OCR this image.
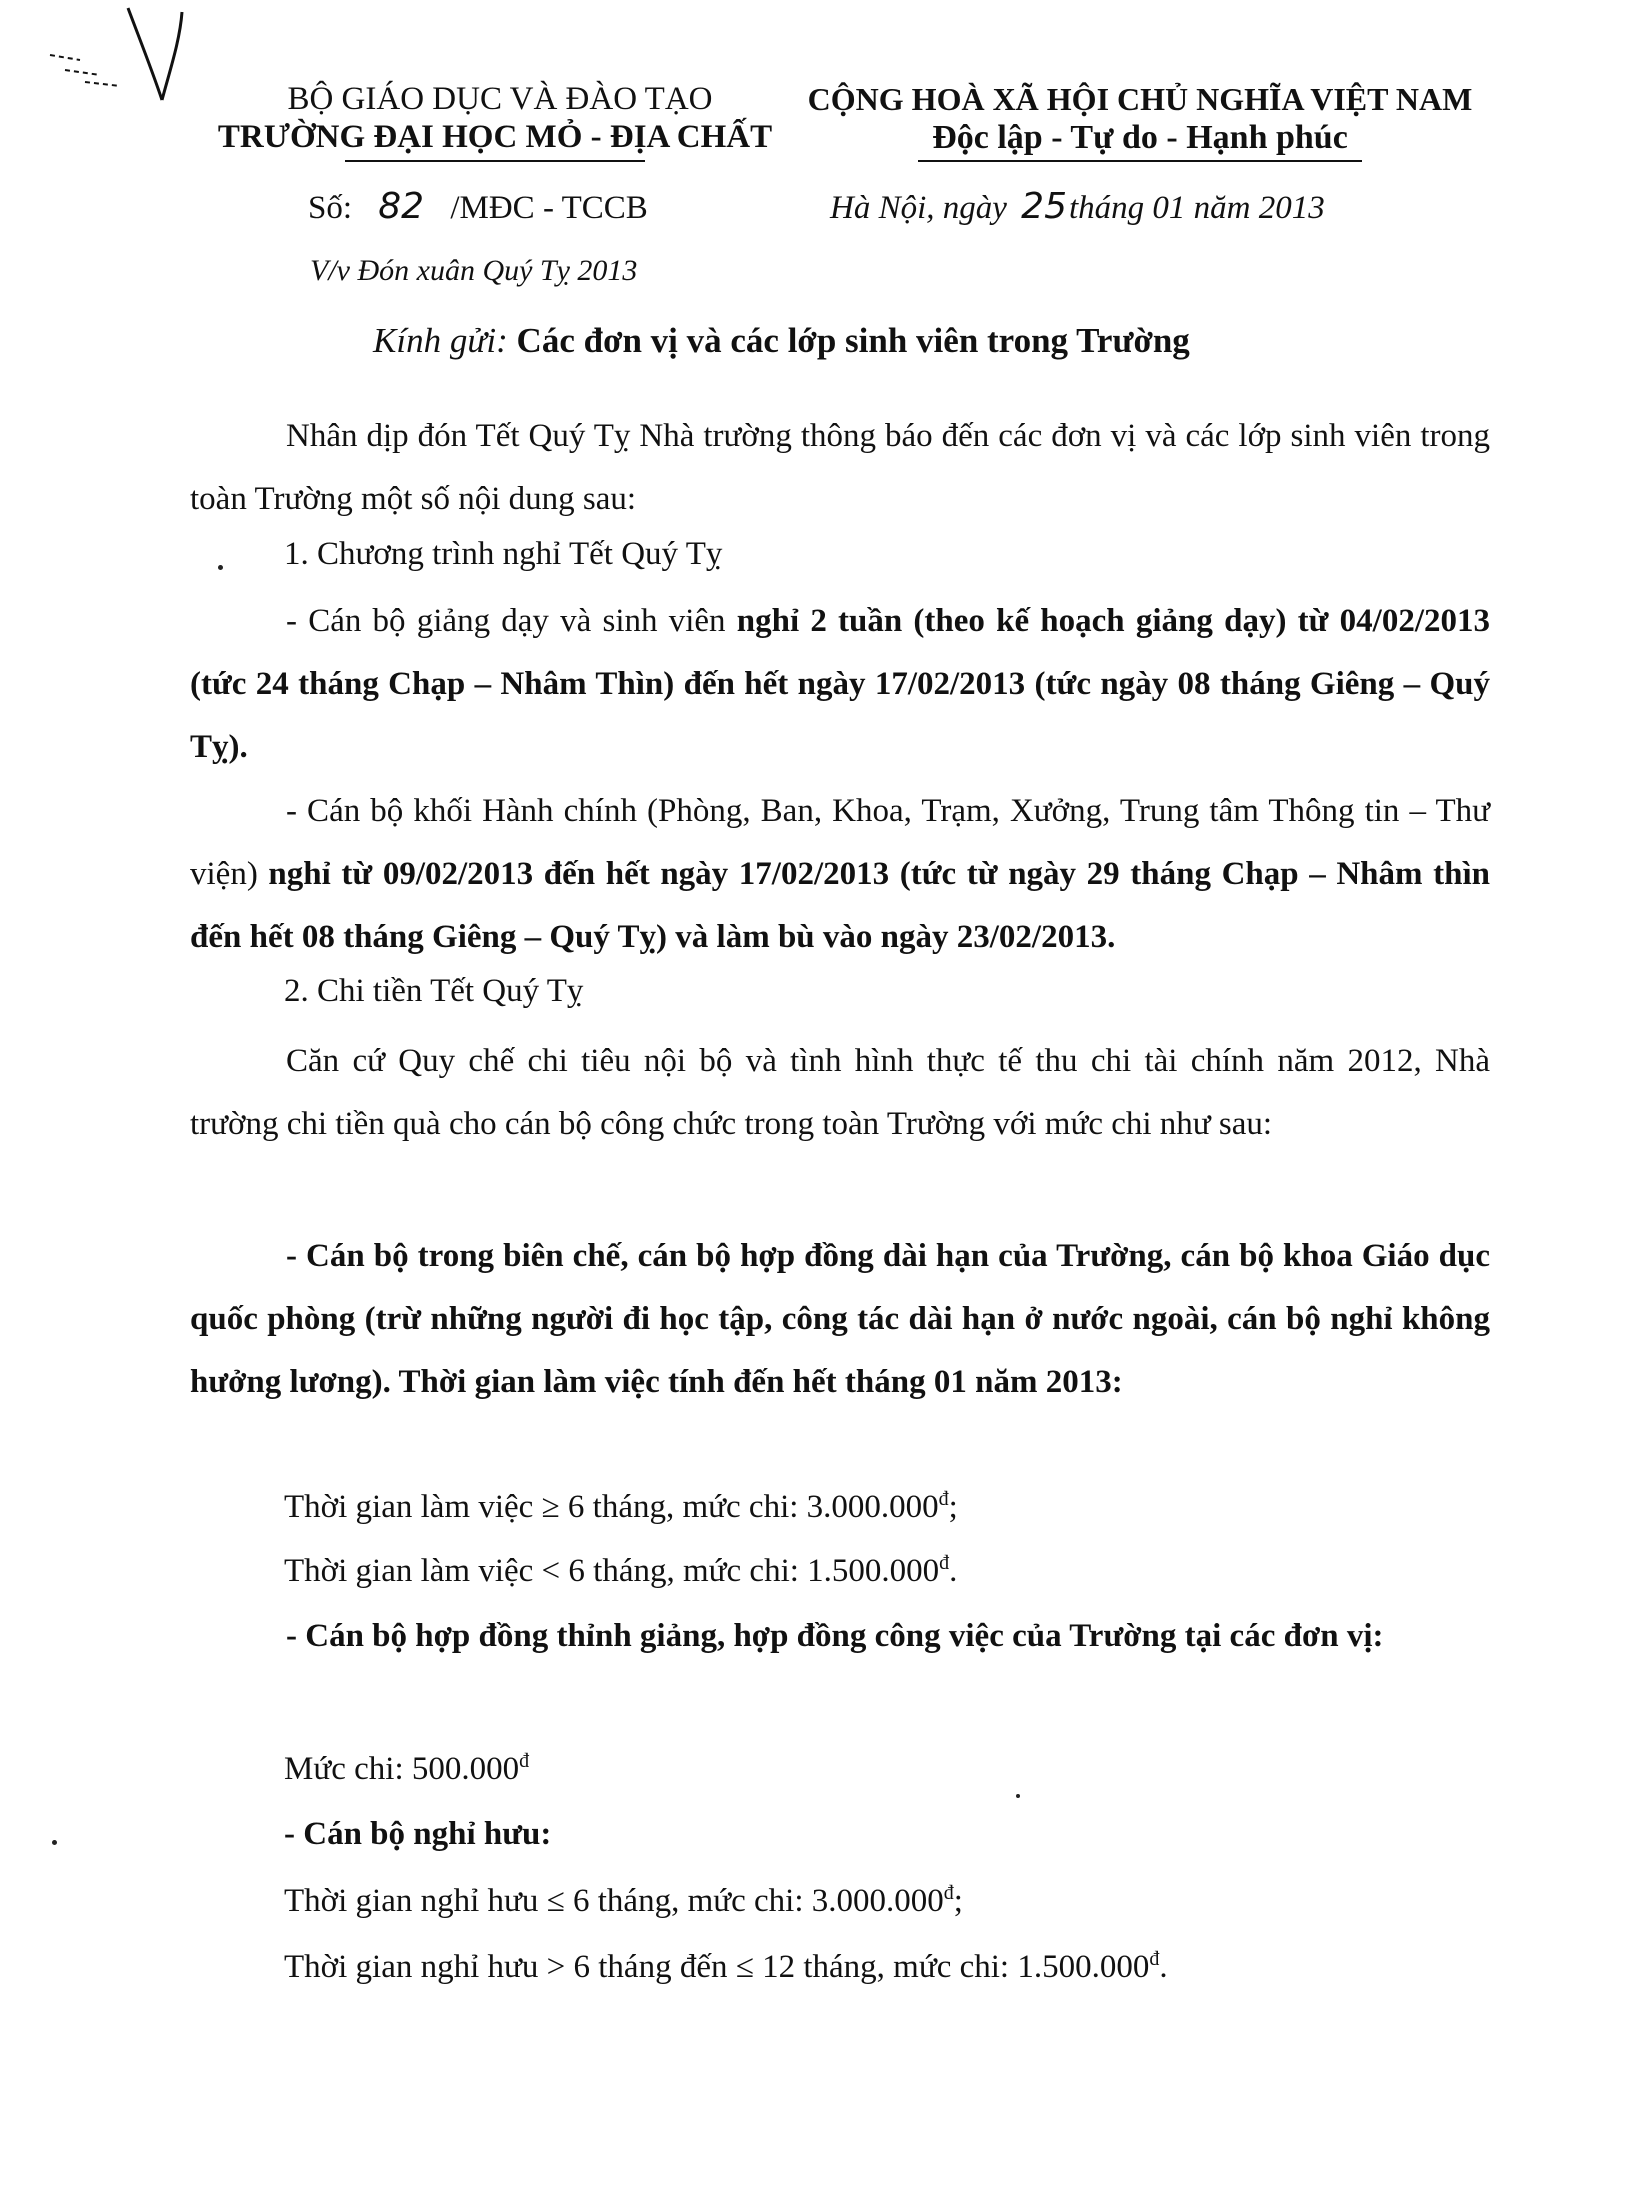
BỘ GIÁO DỤC VÀ ĐÀO TẠO
TRƯỜNG ĐẠI HỌC MỎ - ĐỊA CHẤT
Số: 82 /MĐC - TCCB
V/v Đón xuân Quý Tỵ 2013
CỘNG HOÀ XÃ HỘI CHỦ NGHĨA VIỆT NAM
Độc lập - Tự do - Hạnh phúc
Hà Nội, ngày 25tháng 01 năm 2013
Kính gửi: Các đơn vị và các lớp sinh viên trong Trường
Nhân dịp đón Tết Quý Tỵ Nhà trường thông báo đến các đơn vị và các lớp sinh viên trong toàn Trường một số nội dung sau:
1. Chương trình nghỉ Tết Quý Tỵ
- Cán bộ giảng dạy và sinh viên nghỉ 2 tuần (theo kế hoạch giảng dạy) từ 04/02/2013 (tức 24 tháng Chạp – Nhâm Thìn) đến hết ngày 17/02/2013 (tức ngày 08 tháng Giêng – Quý Tỵ).
- Cán bộ khối Hành chính (Phòng, Ban, Khoa, Trạm, Xưởng, Trung tâm Thông tin – Thư viện) nghỉ từ 09/02/2013 đến hết ngày 17/02/2013 (tức từ ngày 29 tháng Chạp – Nhâm thìn đến hết 08 tháng Giêng – Quý Tỵ) và làm bù vào ngày 23/02/2013.
2. Chi tiền Tết Quý Tỵ
Căn cứ Quy chế chi tiêu nội bộ và tình hình thực tế thu chi tài chính năm 2012, Nhà trường chi tiền quà cho cán bộ công chức trong toàn Trường với mức chi như sau:
- Cán bộ trong biên chế, cán bộ hợp đồng dài hạn của Trường, cán bộ khoa Giáo dục quốc phòng (trừ những người đi học tập, công tác dài hạn ở nước ngoài, cán bộ nghỉ không hưởng lương). Thời gian làm việc tính đến hết tháng 01 năm 2013:
Thời gian làm việc ≥ 6 tháng, mức chi: $3.000.000^đ$;
Thời gian làm việc < 6 tháng, mức chi: $1.500.000^đ$.
- Cán bộ hợp đồng thỉnh giảng, hợp đồng công việc của Trường tại các đơn vị:
Mức chi: $500.000^đ$
- Cán bộ nghỉ hưu:
Thời gian nghỉ hưu ≤ 6 tháng, mức chi: $3.000.000^đ$;
Thời gian nghỉ hưu > 6 tháng đến ≤ 12 tháng, mức chi: $1.500.000^đ$.
